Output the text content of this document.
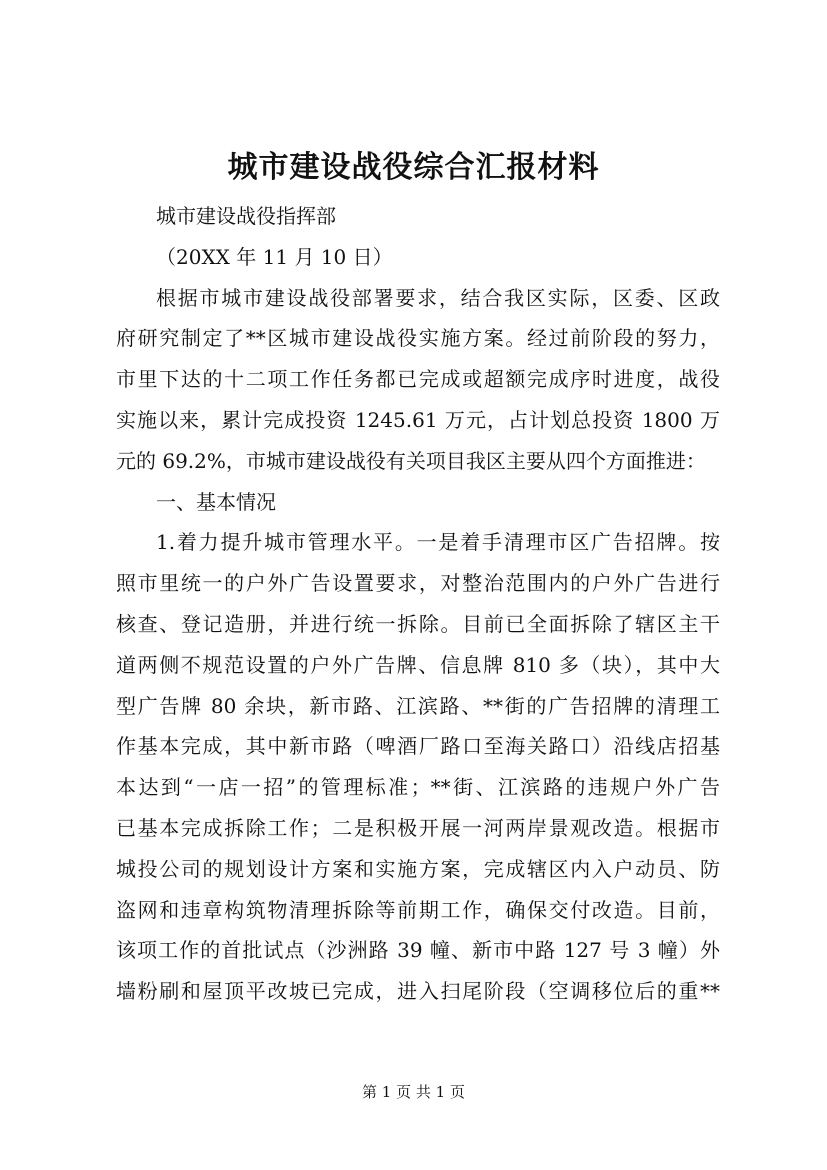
城市建设战役综合汇报材料
城市建设战役指挥部
（20XX 年 11 月 10 日）
根据市城市建设战役部署要求，结合我区实际，区委、区政
府研究制定了**区城市建设战役实施方案。经过前阶段的努力，
市里下达的十二项工作任务都已完成或超额完成序时进度，战役
实施以来，累计完成投资 1245.61 万元，占计划总投资 1800 万
元的 69.2%，市城市建设战役有关项目我区主要从四个方面推进：
一、基本情况
1.着力提升城市管理水平。一是着手清理市区广告招牌。按
照市里统一的户外广告设置要求，对整治范围内的户外广告进行
核查、登记造册，并进行统一拆除。目前已全面拆除了辖区主干
道两侧不规范设置的户外广告牌、信息牌 810 多（块），其中大
型广告牌 80 余块，新市路、江滨路、**街的广告招牌的清理工
作基本完成，其中新市路（啤酒厂路口至海关路口）沿线店招基
本达到“一店一招”的管理标准；**街、江滨路的违规户外广告
已基本完成拆除工作；二是积极开展一河两岸景观改造。根据市
城投公司的规划设计方案和实施方案，完成辖区内入户动员、防
盗网和违章构筑物清理拆除等前期工作，确保交付改造。目前，
该项工作的首批试点（沙洲路 39 幢、新市中路 127 号 3 幢）外
墙粉刷和屋顶平改坡已完成，进入扫尾阶段（空调移位后的重**
第 1 页 共 1 页
